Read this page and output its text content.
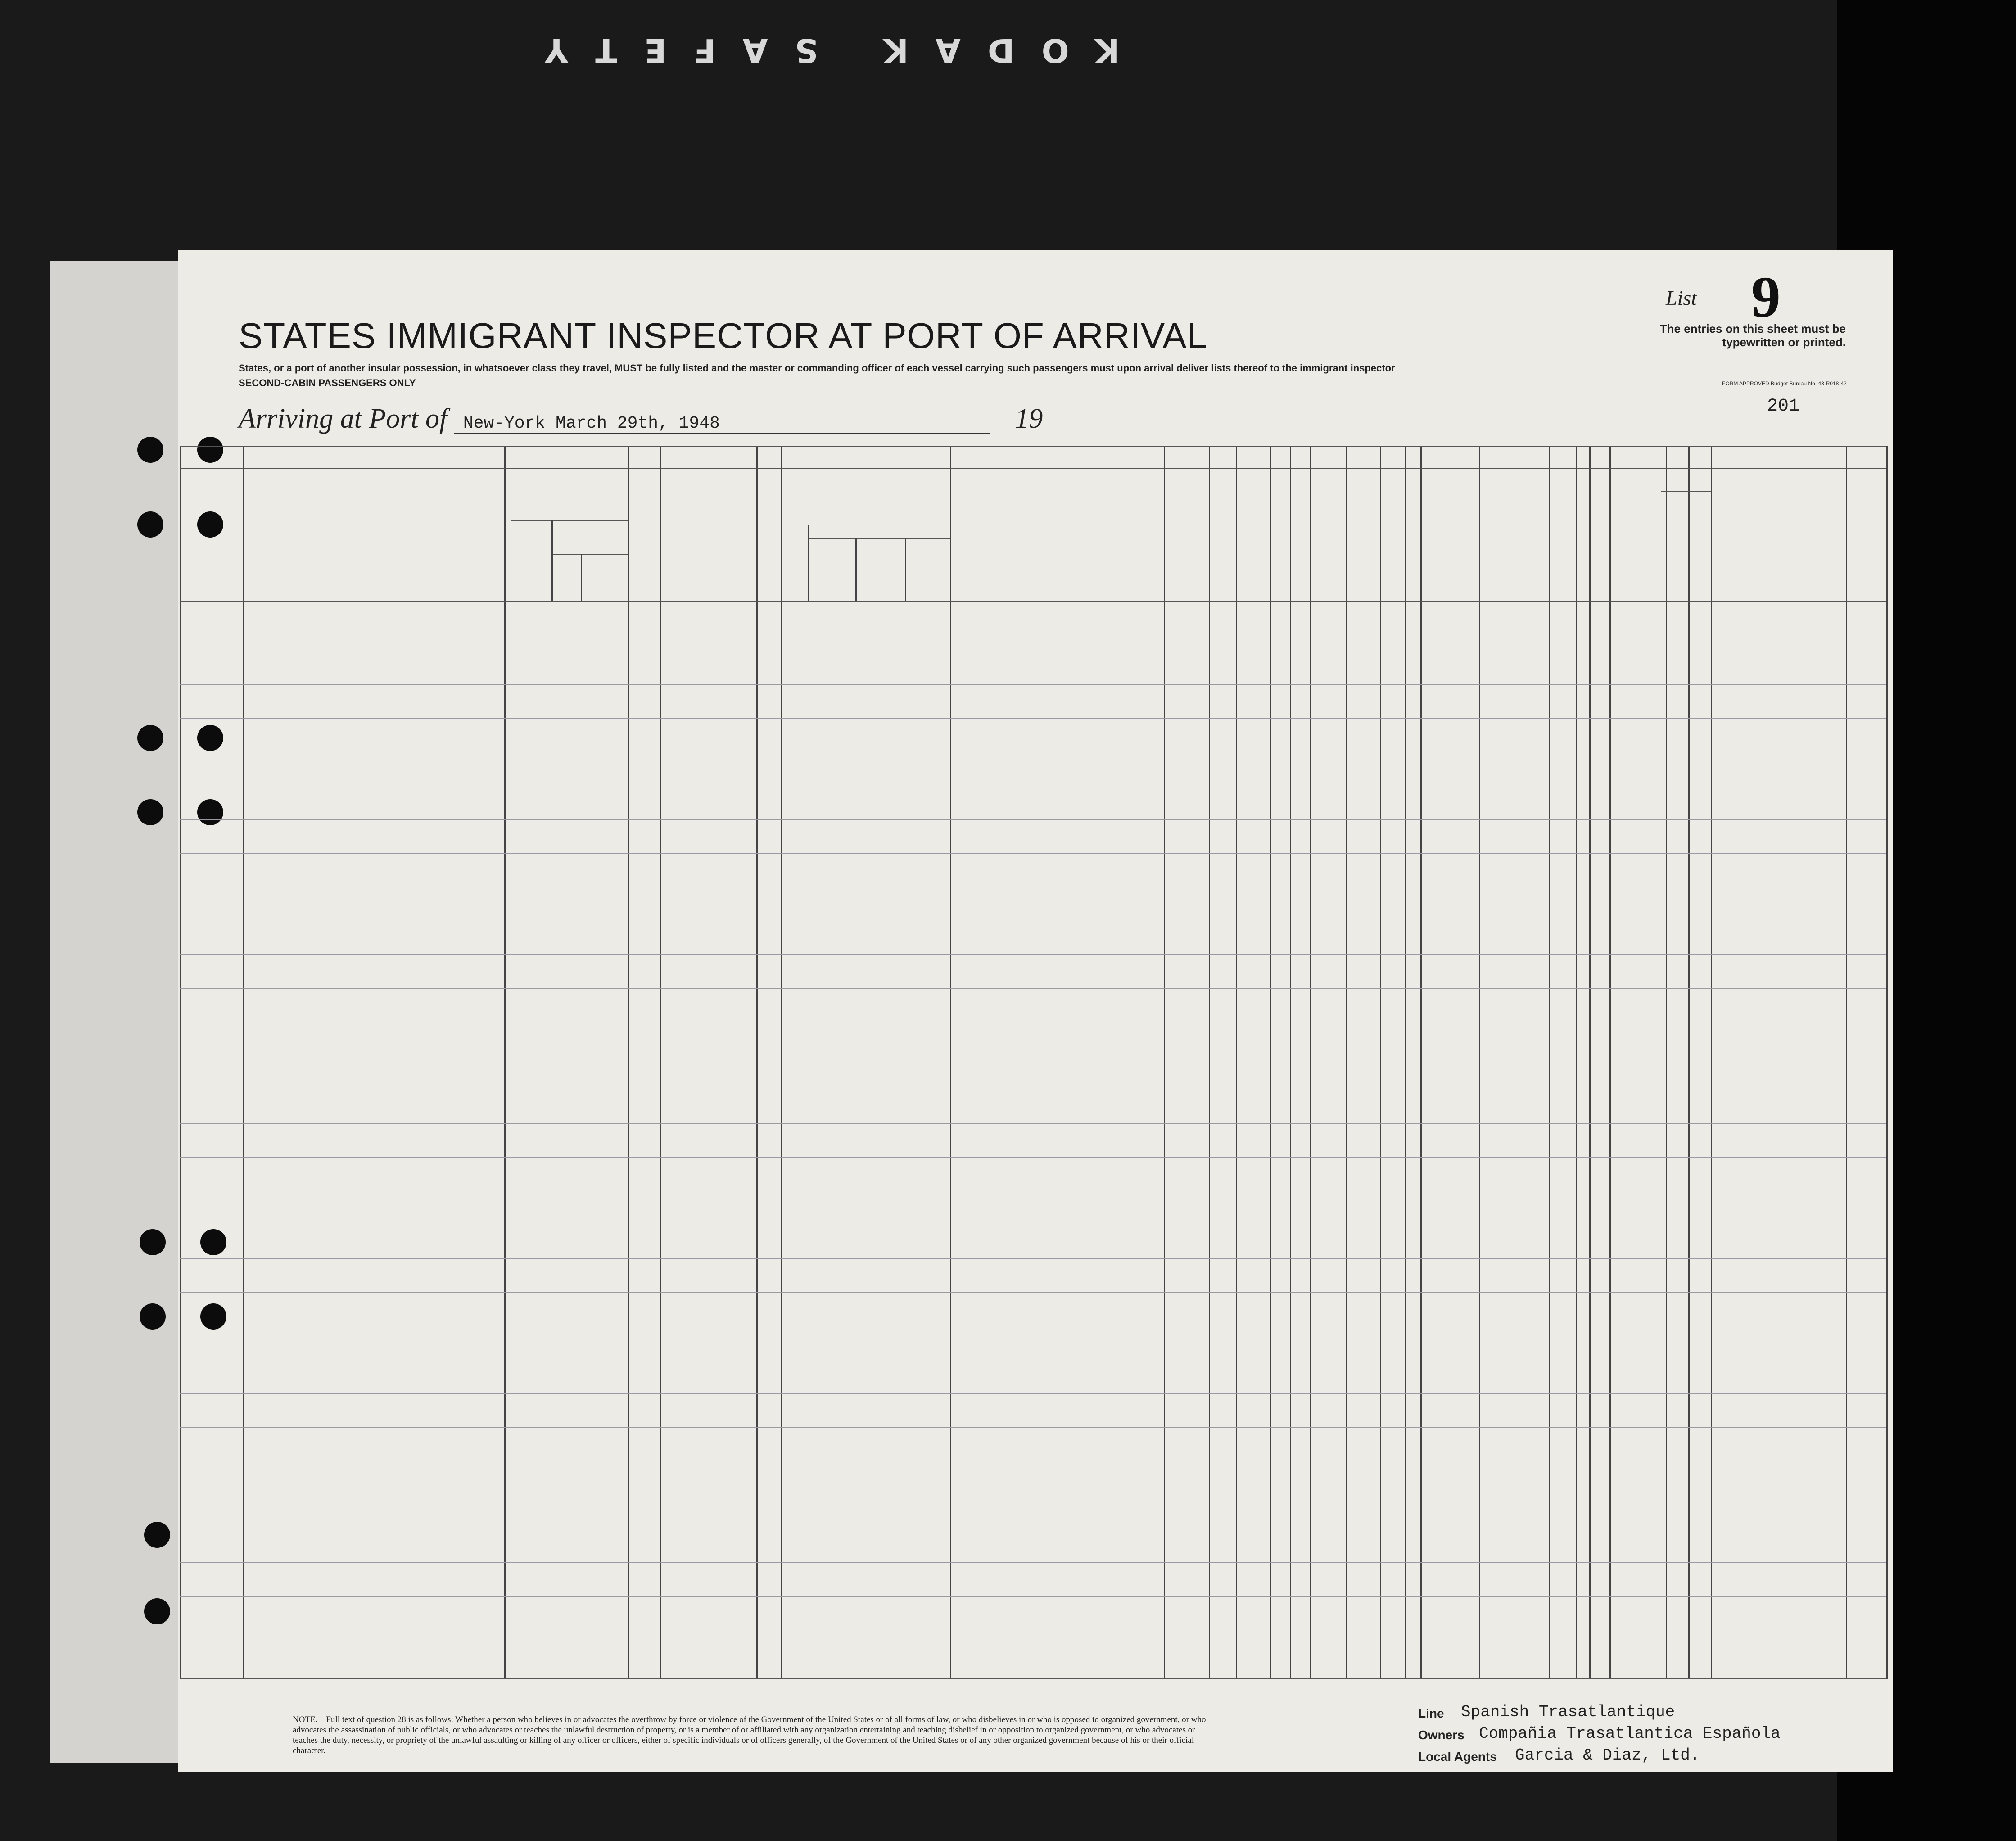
KODAK SAFETY
STATES IMMIGRANT INSPECTOR AT PORT OF ARRIVAL
States, or a port of another insular possession, in whatsoever class they travel, MUST be fully listed and the master or commanding officer of each vessel carrying such passengers must upon arrival deliver lists thereof to the immigrant inspector
SECOND-CABIN PASSENGERS ONLY
Arriving at Port of New-York March 29th, 1948	19
List 9
The entries on this sheet must be typewritten or printed.
FORM APPROVED Budget Bureau No. 43-R018-42
201
NOTE.—Full text of question 28 is as follows: Whether a person who believes in or advocates the overthrow by force or violence of the Government of the United States or of all forms of law, or who disbelieves in or who is opposed to organized government, or who advocates the assassination of public officials, or who advocates or teaches the unlawful destruction of property, or is a member of or affiliated with any organization entertaining and teaching disbelief in or opposition to organized government, or who advocates or teaches the duty, necessity, or propriety of the unlawful assaulting or killing of any officer or officers, either of specific individuals or of officers generally, of the Government of the United States or of any other organized government because of his or their official character.
Line Spanish Trasatlantique
Owners Compañia Trasatlantica Española
Local Agents Garcia & Diaz, Ltd.
